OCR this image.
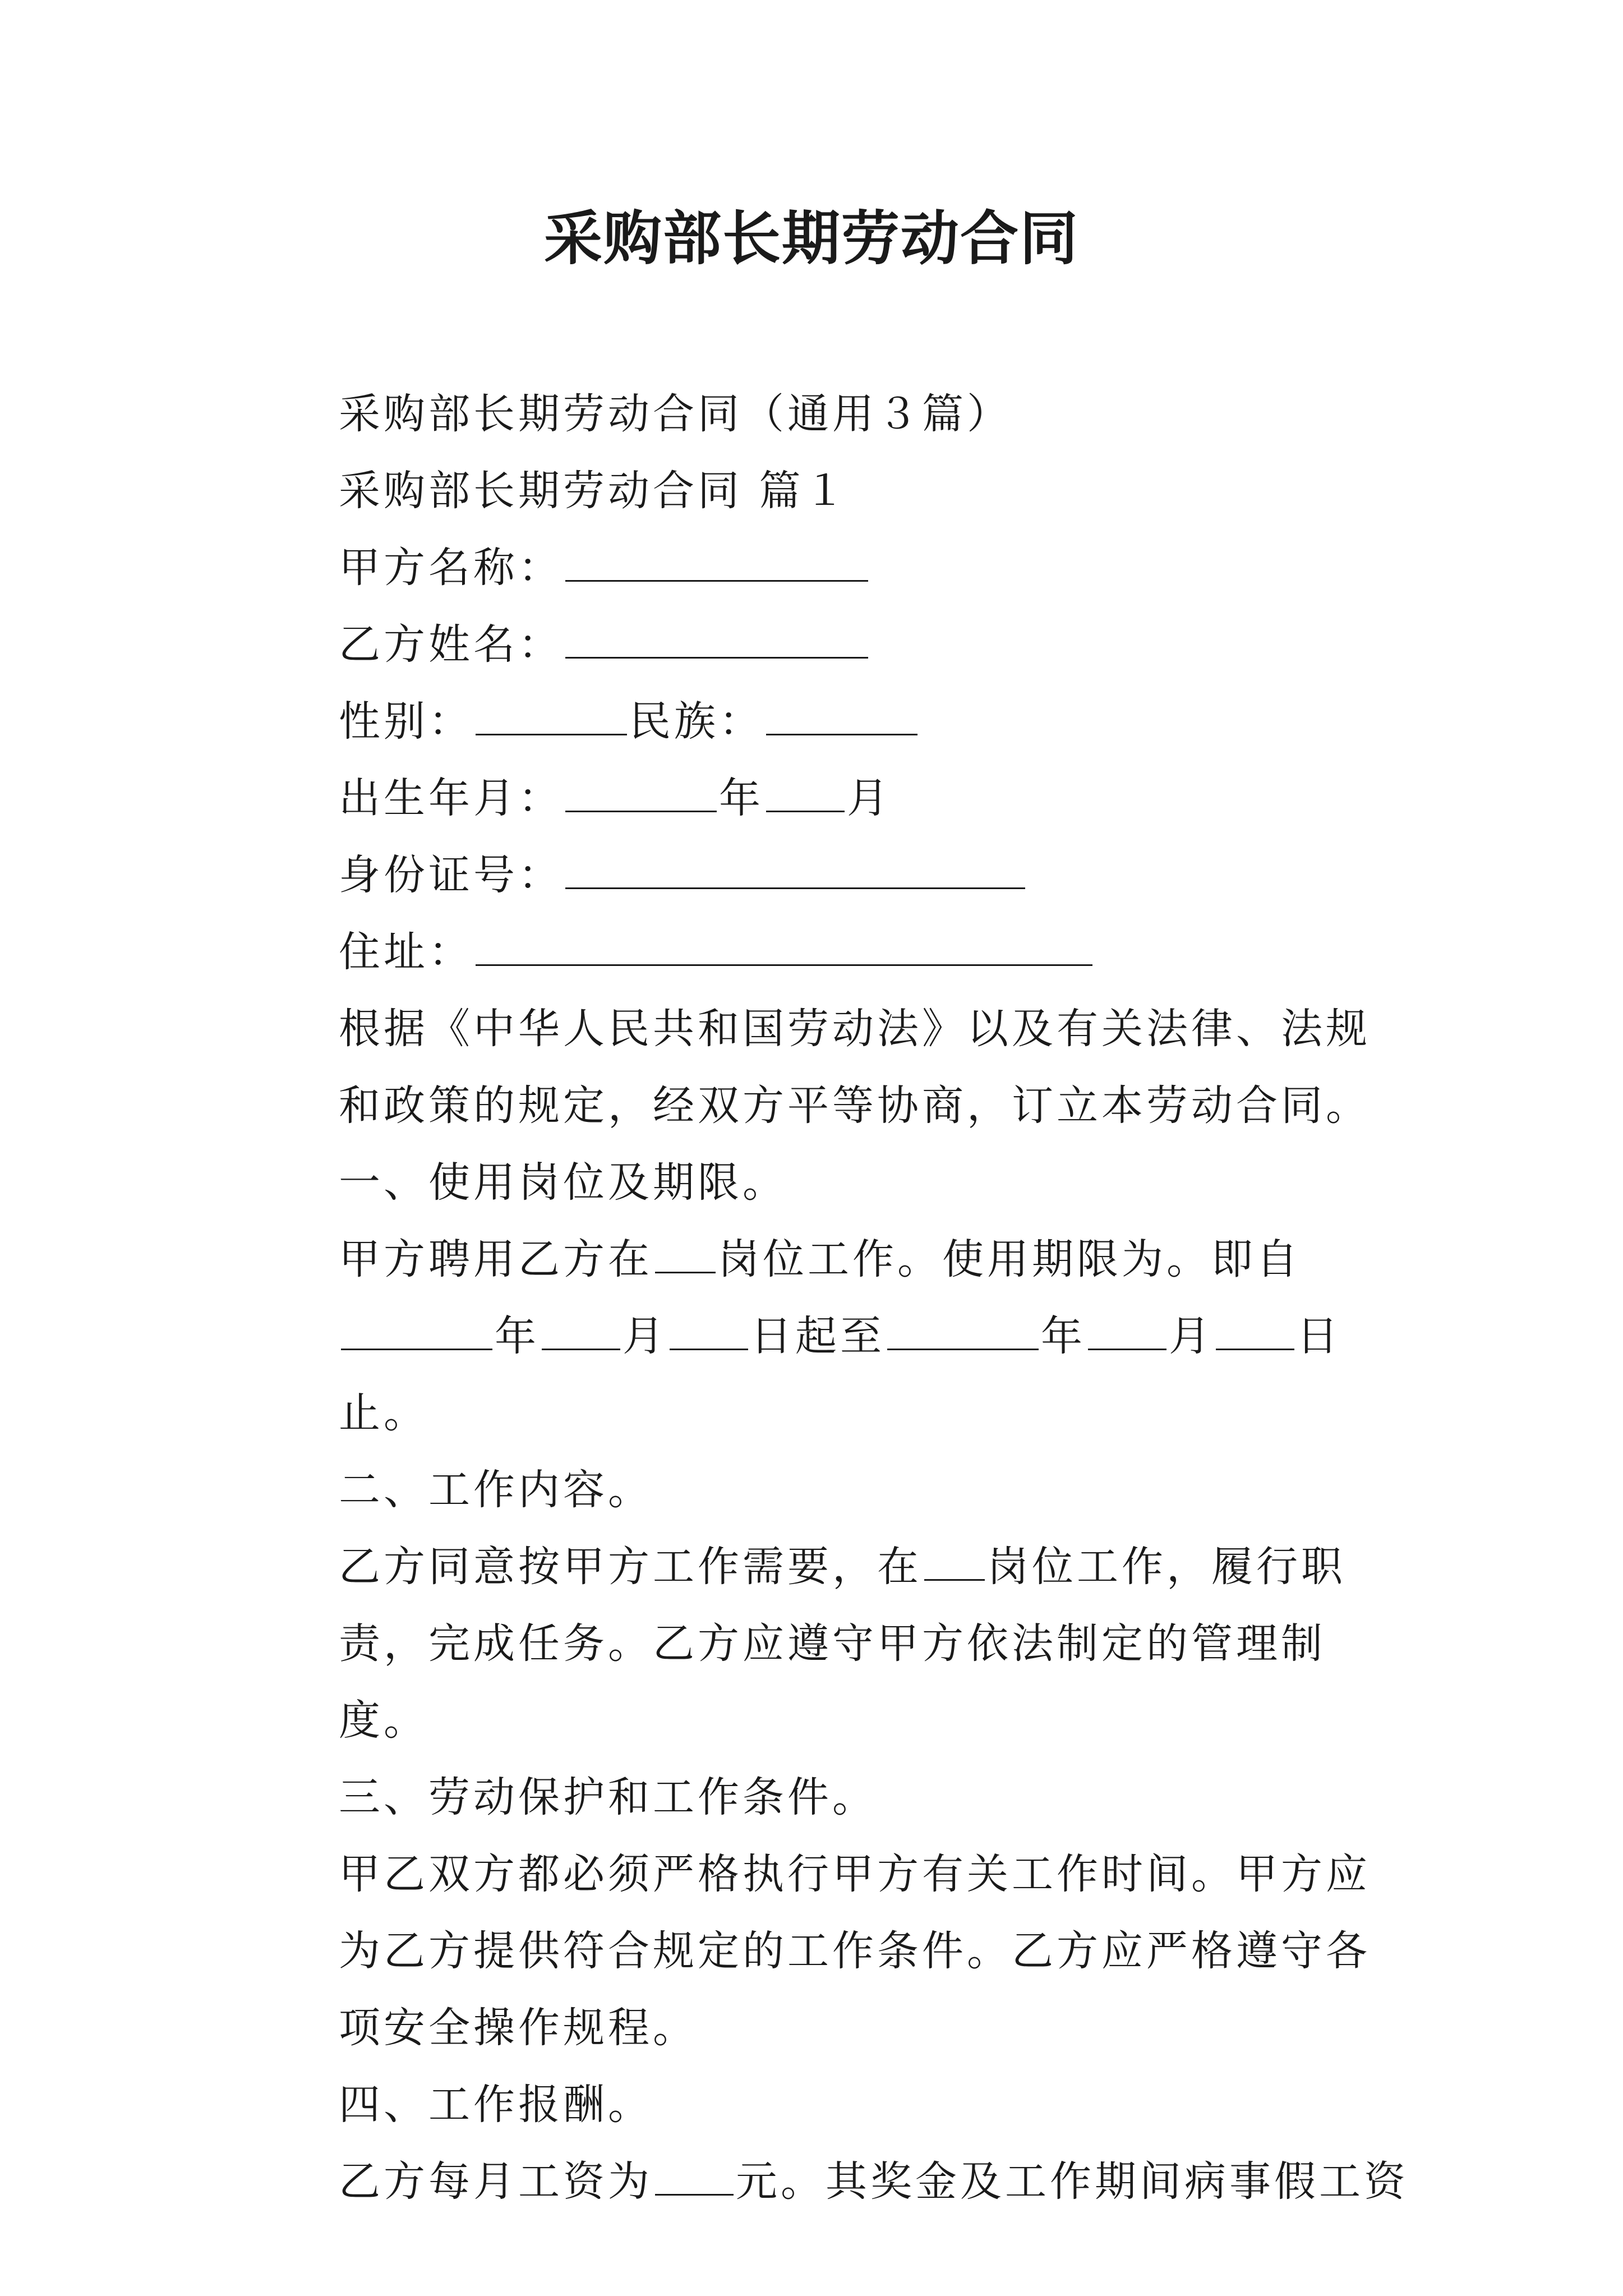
采购部长期劳动合同
采购部长期劳动合同（通用３篇）
采购部长期劳动合同 篇１
甲方名称：
乙方姓名：
性别：	民族：
出生年月：	年 月
身份证号：
住址：
根据《中华人民共和国劳动法》以及有关法律、法规和政策的规定，经双方平等协商，订立本劳动合同。
一、使用岗位及期限。
甲方聘用乙方在 岗位工作。使用期限为。即自年 月 日起至	年 月 日止。
二、工作内容。
乙方同意按甲方工作需要，在 岗位工作，履行职责，完成任务。乙方应遵守甲方依法制定的管理制度。
三、劳动保护和工作条件。
甲乙双方都必须严格执行甲方有关工作时间。甲方应为乙方提供符合规定的工作条件。乙方应严格遵守各项安全操作规程。
四、工作报酬。
乙方每月工资为 元。其奖金及工作期间病事假工资
